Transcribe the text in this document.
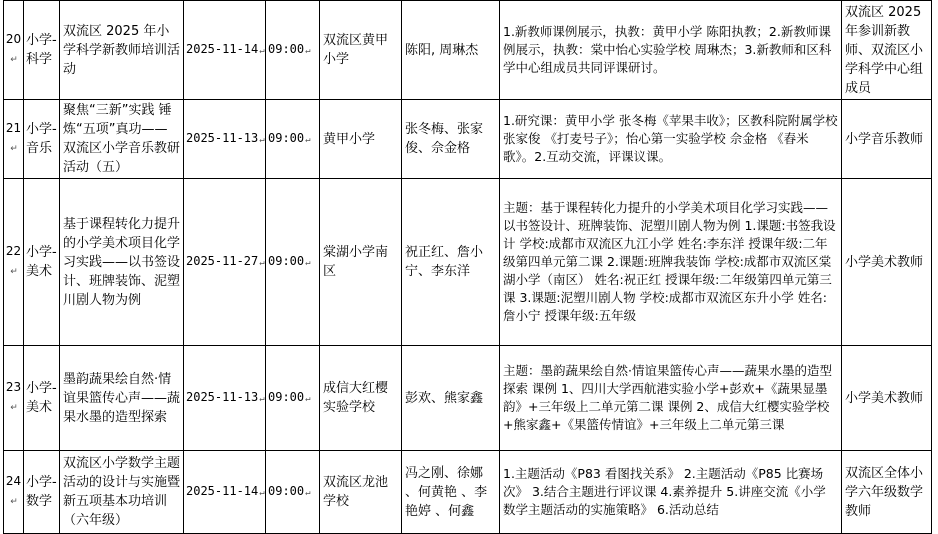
20↵	小学-科学	双流区 2025 年小学科学新教师培训活动	2025-11-14↵	09:00↵	双流区黄甲小学	陈阳, 周琳杰	1.新教师课例展示，执教：黄甲小学 陈阳执教；2.新教师课例展示，执教：棠中怡心实验学校 周琳杰；3.新教师和区科学中心组成员共同评课研讨。	双流区 2025 年参训新教师、双流区小学科学中心组成员
21↵	小学-音乐	聚焦“三新”实践 锤炼“五项”真功——双流区小学音乐教研活动（五）	2025-11-13↵	09:00↵	黄甲小学	张冬梅、张家俊、佘金格	1.研究课：黄甲小学 张冬梅《苹果丰收》；区教科院附属学校 张家俊 《打麦号子》；怡心第一实验学校 佘金格 《舂米歌》。2.互动交流，评课议课。	小学音乐教师
22↵	小学-美术	基于课程转化力提升的小学美术项目化学习实践——以书签设计、班牌装饰、泥塑川剧人物为例	2025-11-27↵	09:00↵	棠湖小学南区	祝正红、詹小宁、李东洋	主题：基于课程转化力提升的小学美术项目化学习实践——以书签设计、班牌装饰、泥塑川剧人物为例 1.课题:书签我设计 学校:成都市双流区九江小学 姓名:李东洋 授课年级:二年级第四单元第二课 2.课题:班牌我装饰 学校:成都市双流区棠湖小学（南区） 姓名:祝正红 授课年级:二年级第四单元第三课 3.课题:泥塑川剧人物 学校:成都市双流区东升小学 姓名:詹小宁 授课年级:五年级	小学美术教师
23↵	小学-美术	墨韵蔬果绘自然·情谊果篮传心声——蔬果水墨的造型探索	2025-11-13↵	09:00↵	成信大红樱实验学校	彭欢、熊家鑫	主题：墨韵蔬果绘自然·情谊果篮传心声——蔬果水墨的造型探索 课例 1、四川大学西航港实验小学+彭欢+《蔬果显墨韵》+三年级上二单元第二课 课例 2、成信大红樱实验学校+熊家鑫+《果篮传情谊》+三年级上二单元第三课	小学美术教师
24↵	小学-数学	双流区小学数学主题活动的设计与实施暨新五项基本功培训（六年级）	2025-11-14↵	09:00↵	双流区龙池学校	冯之刚、徐娜 、何黄艳 、李艳婷 、何鑫	1.主题活动《P83 看图找关系》 2.主题活动《P85 比赛场次》 3.结合主题进行评议课 4.素养提升 5.讲座交流《小学数学主题活动的实施策略》 6.活动总结	双流区全体小学六年级数学教师
